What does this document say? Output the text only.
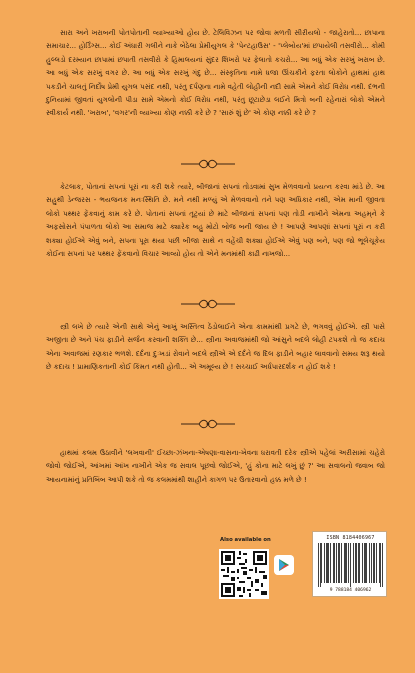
સારા અને ખરાબની પોતપોતાની વ્યાખ્યાઓ હોય છે. ટેલિવિઝન પર જોવા મળતી સીરીયલો - જાહેરાતો... છાપાના સમાચાર... હોર્ડિંગ્સ... કોઈ અંધારી ગલીને નાકે બેઠેલા પ્રેમીયુગલ કે 'પેન્ટહાઉસ' - 'પ્લેબોય'માં છપાયેલી તસવીરો... કોમી હુલ્લડો દરમ્યાન છાપામાં છપાતી તસવીરો કે હિમાલયનાં સુંદર શિખરો પર ફેલાતો કચરો... આ બધું એક સરખું ખરાબ છે. આ બધું એક સરખું વગર છે. આ બધું એક સરખું ગંદુ છે... સંસ્કૃતિના નામે ધજા ઊંચકીને ફરતા લોકોને હાથમાં હાથ પકડીને ચાલતું નિર્દોષ પ્રેમી યુગલ પસંદ નથી, પરંતુ દર્પણના નામે વહેતી લોહીની નદી સામે એમને કોઈ વિરોધ નથી. દંભની દુનિયામાં જીવતાં યુગલોની પીડા સામે એમનો કોઈ વિરોધ નથી, પરંતુ છૂટાછેડા લઈને મિત્રો બની રહેનારાં લોકો એમને સ્વીકાર્ય નથી. 'ખરાબ', 'વગર'ની વ્યાખ્યા કોણ નક્કી કરે છે ? 'સારું શું છે' એ કોણ નક્કી કરે છે ?

કેટલાક, પોતાનાં સપનાં પૂરાં ના કરી શકે ત્યારે, બીજાનાં સપનાં તોડવામાં સુખ મેળવવાનો પ્રયત્ન કરવા માંડે છે. આ સહુથી ડેન્જરસ - ભયજનક મનઃસ્થિતિ છે. મને નથી મળ્યું એ મેળવવાનો તને પણ અધિકાર નથી, એમ માની જીવતા લોકો પથ્થર ફેંકવાનું કામ કરે છે. પોતાનાં સપનાં તૂટ્યાં છે માટે બીજાનાં સપનાં પણ તોડી નાખીને એમના અહમ્‌ને કે અફસોસને પંપાળતા લોકો આ સમાજ માટે ક્યારેક બહુ મોટો બોજ બની જાય છે ! આપણે આપણાં સપનાં પૂરાં ન કરી શક્યા હોઈએ એવું બને, સપના પૂરા થયા પછી બીજા સાથે ન વહેંચી શક્યા હોઈએ એવું પણ બને, પણ જો ભૂલેચૂકેય કોઈના સપનાં પર પથ્થર ફેંકવાનો વિચાર આવ્યો હોય તો એને મનમાંથી કાઢી નાખજો...

સ્ત્રી લખે છે ત્યારે એની સાથે એનું આખું અસ્તિત્વ ઠેંડોલાઈને એના કામમાંથી પ્રગટે છે, ભગવવું હોઈએ. સ્ત્રી પાસે અજીતા છે અને પંચ ફાડીને સર્જન કરવાની શક્તિ છે... સ્ત્રીના અવાજમાંથી જો આંસુને બદલે લોહી ટપકશે તો જ કદાચ એના અવાજમાં રણકાર ભળશે. દર્દના દુઃખડાં રોવાને બદલે સ્ત્રીએ એ દર્દને જ દિલ ફાડીને બહાર લાવવાનો સમય શરૂ થયો છે કદાચ ! પ્રામાણિકતાની કોઈ કિંમત નથી હોતી... એ અમૂલ્ય છે ! સચ્ચાઈ અર્ધપારદર્શક ન હોઈ શકે !

હાથમાં કલમ ઉઠાવીને 'લખવાની' ઈચ્છા-ઝંખના-એષણા-વાસના-ખેવના ધરાવતી દરેક સ્ત્રીએ પહેલાં અરીસામાં ચહેરો જોવો જોઈએ, આંખમાં આંખ નાખીને એક જ સવાલ પૂછવો જોઈએ, 'હું કોના માટે લખું છું ?' આ સવાલનો જવાબ જો આયનામાંનું પ્રતિબિંબ આપી શકે તો જ કલમમાંથી શાહીને કાગળ પર ઉતારવાનો હક્ક મળે છે !

Also available on	ISBN 8184406967
9 788184 406962
